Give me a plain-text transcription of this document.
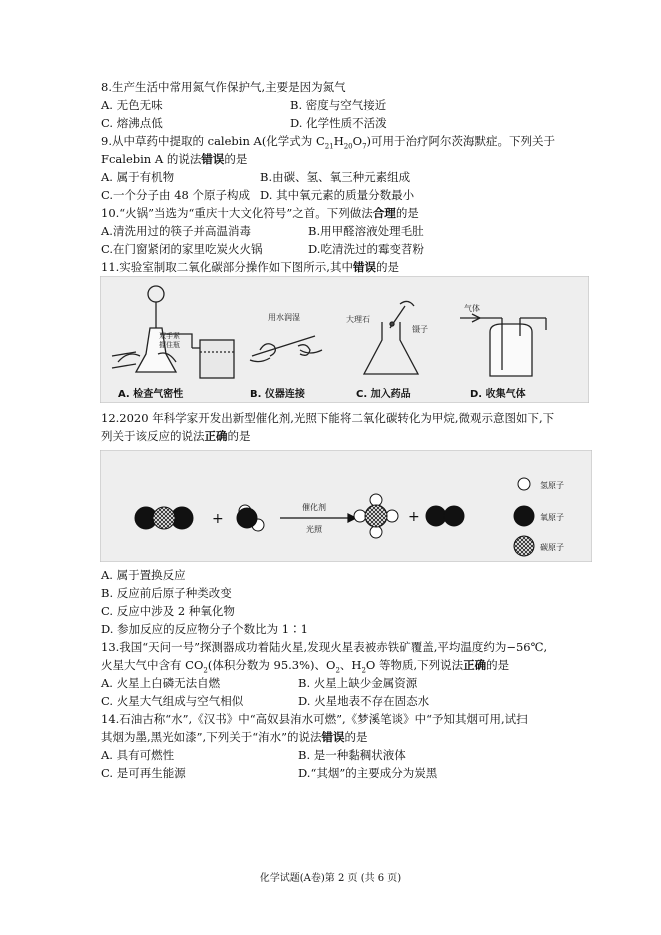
8.生产生活中常用氮气作保护气,主要是因为氮气
A. 无色无味	B. 密度与空气接近
C. 熔沸点低	D. 化学性质不活泼
9.从中草药中提取的 calebin A(化学式为 $C_{21}H_{20}O_7$)可用于治疗阿尔茨海默症。下列关于
Fcalebin A 的说法错误的是
A. 属于有机物	B.由碳、氢、氧三种元素组成
C.一个分子由 48 个原子构成 D. 其中氧元素的质量分数最小
10.“火锅”当选为“重庆十大文化符号”之首。下列做法合理的是
A.清洗用过的筷子并高温消毒	B.用甲醛溶液处理毛肚
C.在门窗紧闭的家里吃炭火火锅	D.吃清洗过的霉变苕粉
11.实验室制取二氧化碳部分操作如下图所示,其中错误的是
双手紧
握住瓶
用水润湿	大理石
镊子
气体
A. 检查气密性	B. 仪器连接	C. 加入药品	D. 收集气体
12.2020 年科学家开发出新型催化剂,光照下能将二氧化碳转化为甲烷,微观示意图如下,下
列关于该反应的说法正确的是
+
催化剂
光照
+
氢原子
氧原子
碳原子
A. 属于置换反应
B. 反应前后原子种类改变
C. 反应中涉及 2 种氧化物
D. 参加反应的反应物分子个数比为 1∶1
13.我国“天问一号”探测器成功着陆火星,发现火星表被赤铁矿覆盖,平均温度约为−56℃,
火星大气中含有 $CO_2$(体积分数为 95.3%)、$O_2$、$H_2O$ 等物质,下列说法正确的是
A. 火星上白磷无法自燃	B. 火星上缺少金属资源
C. 火星大气组成与空气相似	D. 火星地表不存在固态水
14.石油古称“水”,《汉书》中“高奴县洧水可燃”,《梦溪笔谈》中“予知其烟可用,试扫
其烟为墨,黑光如漆”,下列关于“洧水”的说法错误的是
A. 具有可燃性	B. 是一种黏稠状液体
C. 是可再生能源	D.“其烟”的主要成分为炭黑
化学试题(A卷)第 2 页 (共 6 页)
